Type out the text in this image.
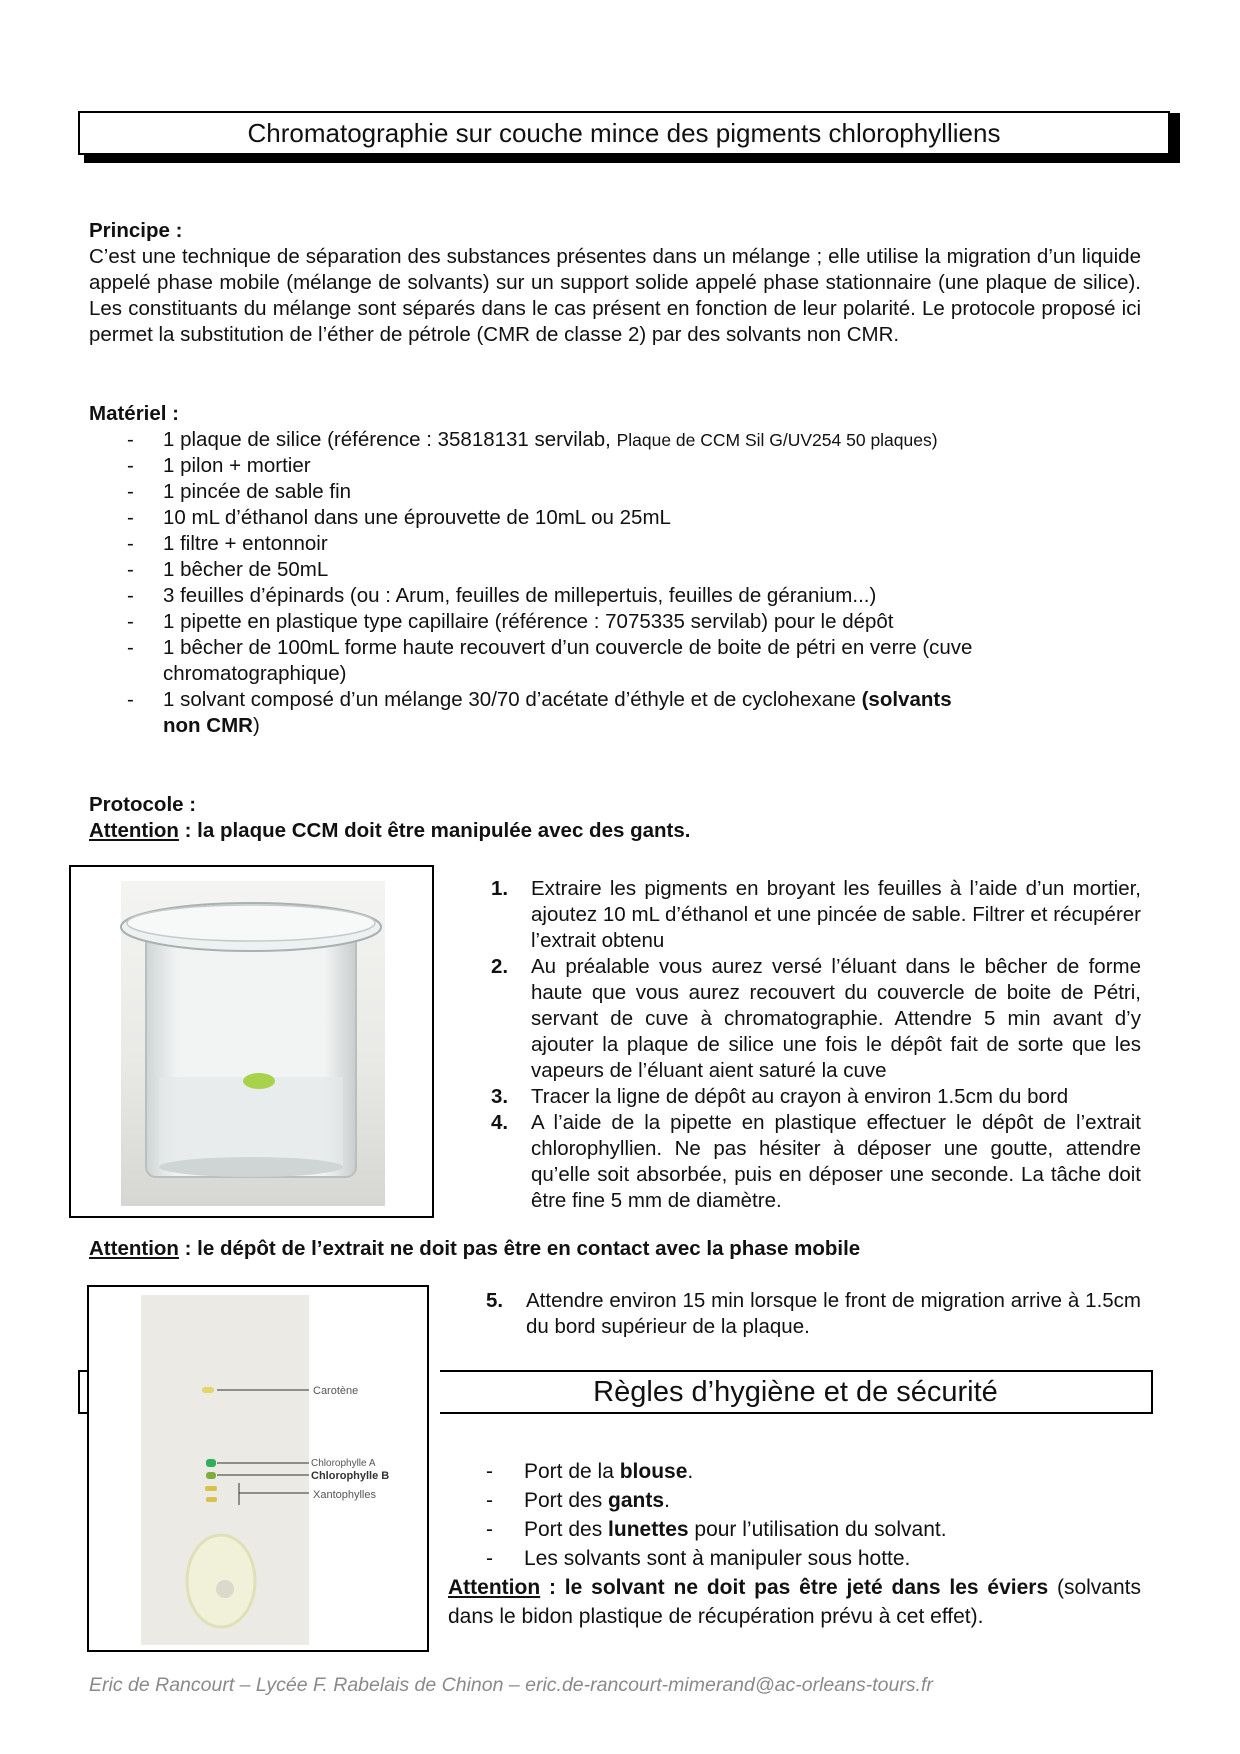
Chromatographie sur couche mince des pigments chlorophylliens
Principe :
C’est une technique de séparation des substances présentes dans un mélange ; elle utilise la migration d’un liquide appelé phase mobile (mélange de solvants) sur un support solide appelé phase stationnaire (une plaque de silice). Les constituants du mélange sont séparés dans le cas présent en fonction de leur polarité. Le protocole proposé ici permet la substitution de l’éther de pétrole (CMR de classe 2) par des solvants non CMR.
Matériel :
- 1 plaque de silice (référence : 35818131 servilab, Plaque de CCM Sil G/UV254 50 plaques)
- 1 pilon + mortier
- 1 pincée de sable fin
- 10 mL d’éthanol dans une éprouvette de 10mL ou 25mL
- 1 filtre + entonnoir
- 1 bêcher de 50mL
- 3 feuilles d’épinards (ou : Arum, feuilles de millepertuis, feuilles de géranium...)
- 1 pipette en plastique type capillaire (référence : 7075335 servilab) pour le dépôt
- 1 bêcher de 100mL forme haute recouvert d’un couvercle de boite de pétri en verre (cuve chromatographique)
- 1 solvant composé d’un mélange 30/70 d’acétate d’éthyle et de cyclohexane (solvants non CMR)
Protocole :
Attention : la plaque CCM doit être manipulée avec des gants.
1. Extraire les pigments en broyant les feuilles à l’aide d’un mortier, ajoutez 10 mL d’éthanol et une pincée de sable. Filtrer et récupérer l’extrait obtenu
2. Au préalable vous aurez versé l’éluant dans le bêcher de forme haute que vous aurez recouvert du couvercle de boite de Pétri, servant de cuve à chromatographie. Attendre 5 min avant d’y ajouter la plaque de silice une fois le dépôt fait de sorte que les vapeurs de l’éluant aient saturé la cuve
3. Tracer la ligne de dépôt au crayon à environ 1.5cm du bord
4. A l’aide de la pipette en plastique effectuer le dépôt de l’extrait chlorophyllien. Ne pas hésiter à déposer une goutte, attendre qu’elle soit absorbée, puis en déposer une seconde. La tâche doit être fine 5 mm de diamètre.
Attention : le dépôt de l’extrait ne doit pas être en contact avec la phase mobile
5. Attendre environ 15 min lorsque le front de migration arrive à 1.5cm du bord supérieur de la plaque.
Règles d’hygiène et de sécurité
Carotène
Chlorophylle A
Chlorophylle B
Xantophylles
- Port de la blouse.
- Port des gants.
- Port des lunettes pour l’utilisation du solvant.
- Les solvants sont à manipuler sous hotte.
Attention : le solvant ne doit pas être jeté dans les éviers (solvants dans le bidon plastique de récupération prévu à cet effet).
Eric de Rancourt – Lycée F. Rabelais de Chinon – eric.de-rancourt-mimerand@ac-orleans-tours.fr
